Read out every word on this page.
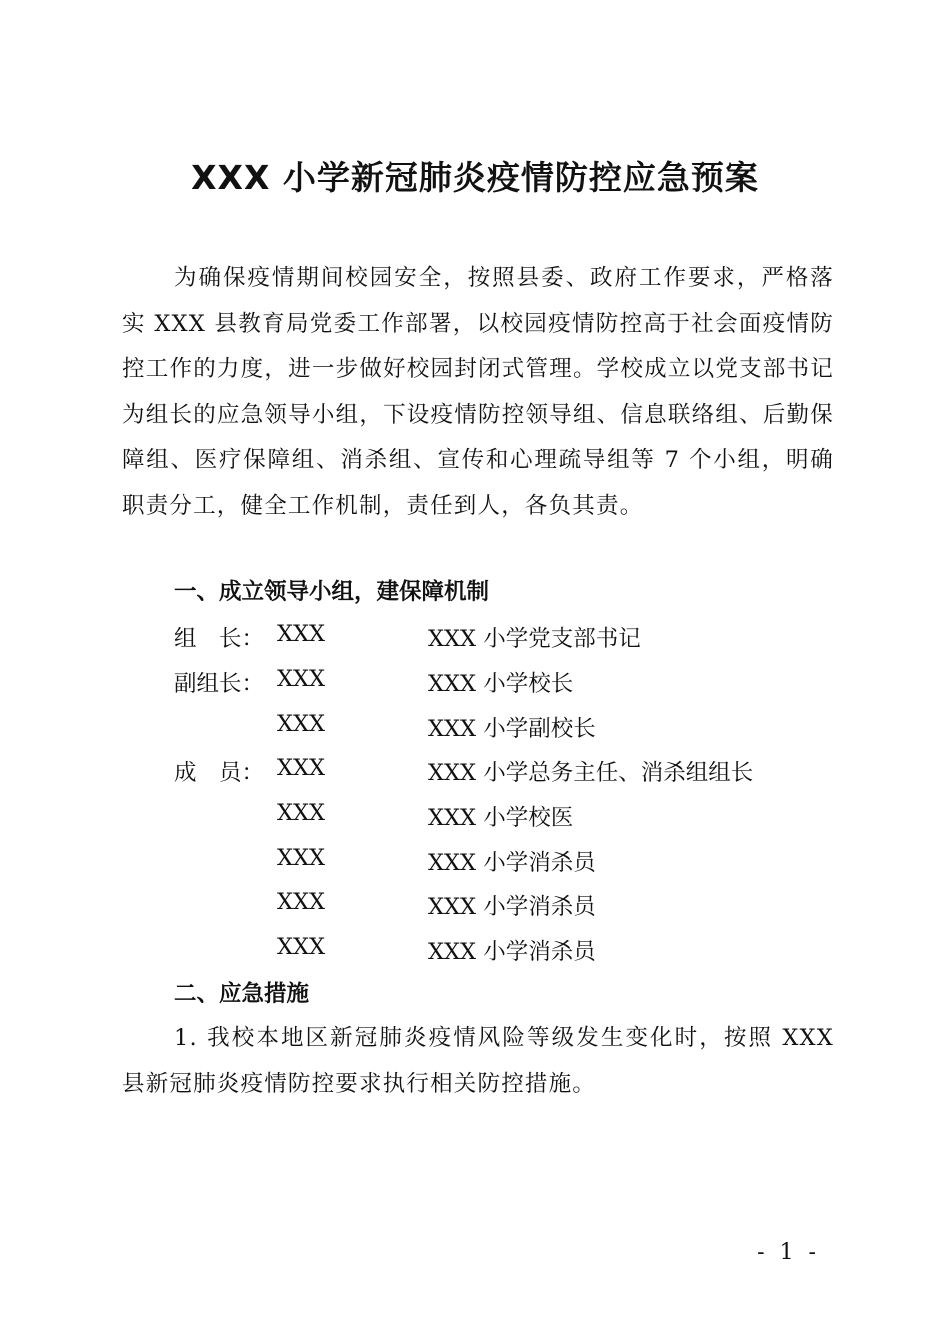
XXX 小学新冠肺炎疫情防控应急预案
为确保疫情期间校园安全，按照县委、政府工作要求，严格落实 XXX 县教育局党委工作部署，以校园疫情防控高于社会面疫情防控工作的力度，进一步做好校园封闭式管理。学校成立以党支部书记为组长的应急领导小组，下设疫情防控领导组、信息联络组、后勤保障组、医疗保障组、消杀组、宣传和心理疏导组等 7 个小组，明确职责分工，健全工作机制，责任到人，各负其责。
一、成立领导小组，建保障机制
组　长： XXX	XXX 小学党支部书记
副组长： XXX	XXX 小学校长
XXX	XXX 小学副校长
成　员： XXX	XXX 小学总务主任、消杀组组长
XXX	XXX 小学校医
XXX	XXX 小学消杀员
XXX	XXX 小学消杀员
XXX	XXX 小学消杀员
二、应急措施
1. 我校本地区新冠肺炎疫情风险等级发生变化时，按照 XXX 县新冠肺炎疫情防控要求执行相关防控措施。
- 1 -
